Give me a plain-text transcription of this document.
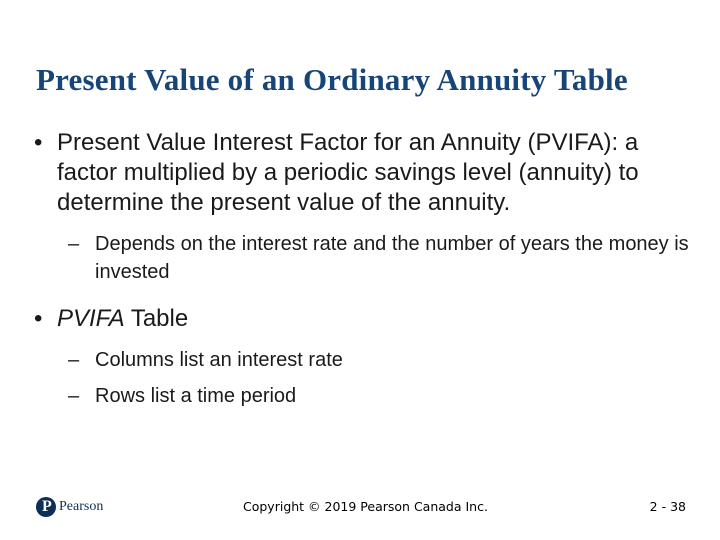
Present Value of an Ordinary Annuity Table

• Present Value Interest Factor for an Annuity (PVIFA): a factor multiplied by a periodic savings level (annuity) to determine the present value of the annuity.

– Depends on the interest rate and the number of years the money is invested

• PVIFA Table

– Columns list an interest rate

– Rows list a time period

P Pearson	Copyright © 2019 Pearson Canada Inc.	2 - 38
